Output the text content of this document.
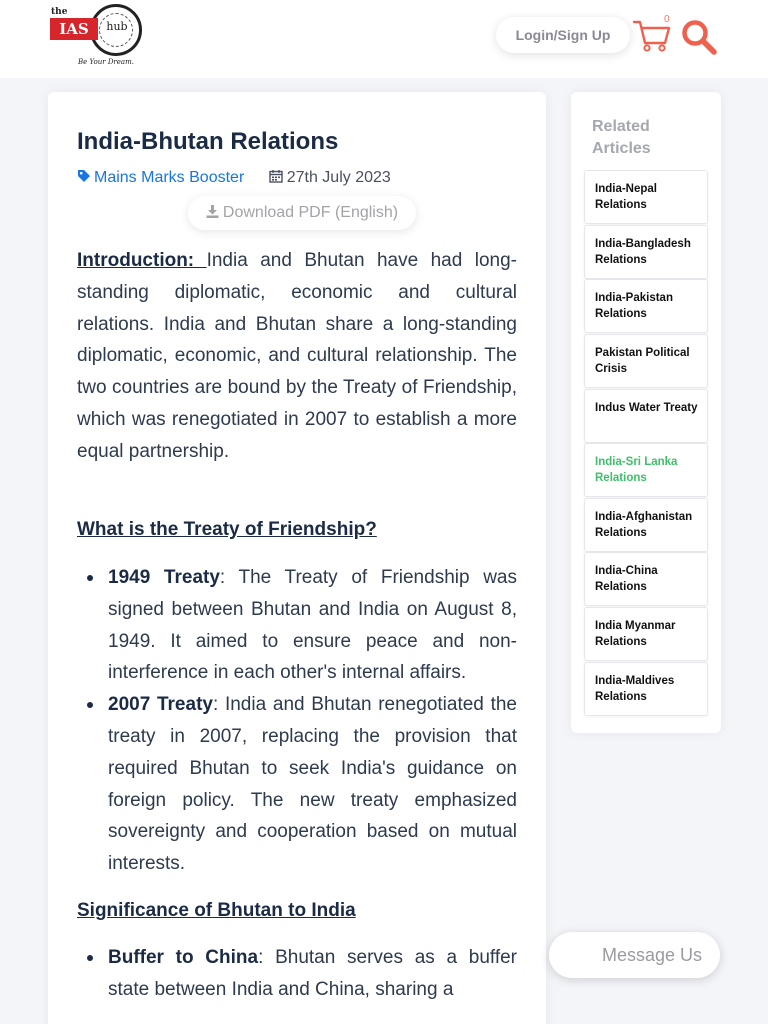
the
IAS	hub
Be Your Dream.
Login/Sign Up
0
India-Bhutan Relations
Mains Marks Booster	27th July 2023
Download PDF (English)

Introduction: India and Bhutan have had long-standing diplomatic, economic and cultural relations. India and Bhutan share a long-standing diplomatic, economic, and cultural relationship. The two countries are bound by the Treaty of Friendship, which was renegotiated in 2007 to establish a more equal partnership.

What is the Treaty of Friendship?
1949 Treaty: The Treaty of Friendship was signed between Bhutan and India on August 8, 1949. It aimed to ensure peace and non-interference in each other's internal affairs.
2007 Treaty: India and Bhutan renegotiated the treaty in 2007, replacing the provision that required Bhutan to seek India's guidance on foreign policy. The new treaty emphasized sovereignty and cooperation based on mutual interests.
Significance of Bhutan to India
Buffer to China: Bhutan serves as a buffer state between India and China, sharing a
Related Articles
India-Nepal Relations
India-Bangladesh Relations
India-Pakistan Relations
Pakistan Political Crisis
Indus Water Treaty
India-Sri Lanka Relations
India-Afghanistan Relations
India-China Relations
India Myanmar Relations
India-Maldives Relations
Message Us
